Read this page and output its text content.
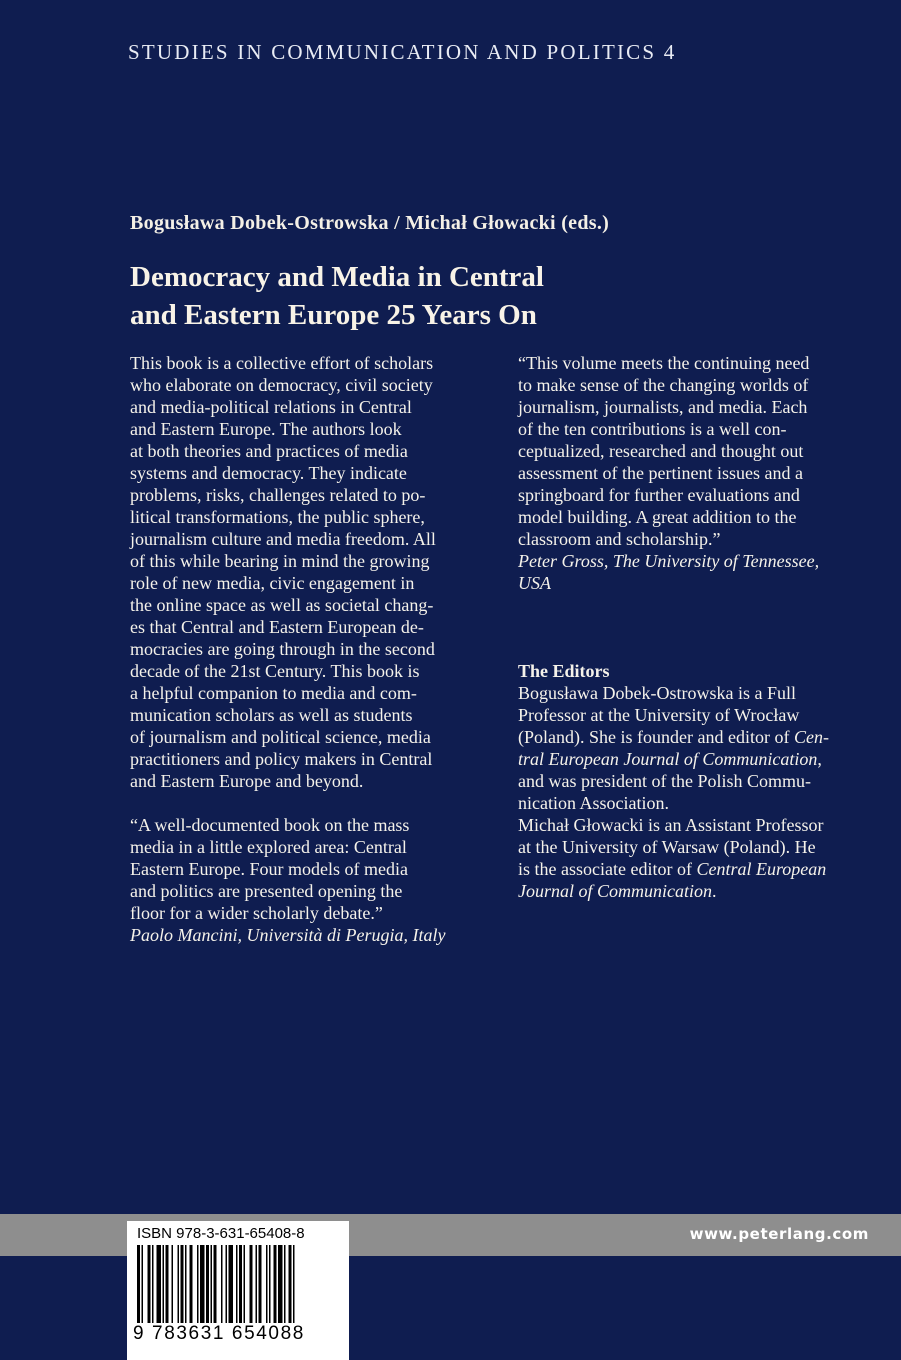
STUDIES IN COMMUNICATION AND POLITICS 4
Bogusława Dobek-Ostrowska / Michał Głowacki (eds.)
Democracy and Media in Central
and Eastern Europe 25 Years On
This book is a collective effort of scholars
who elaborate on democracy, civil society
and media-political relations in Central
and Eastern Europe. The authors look
at both theories and practices of media
systems and democracy. They indicate
problems, risks, challenges related to po-
litical transformations, the public sphere,
journalism culture and media freedom. All
of this while bearing in mind the growing
role of new media, civic engagement in
the online space as well as societal chang-
es that Central and Eastern European de-
mocracies are going through in the second
decade of the 21st Century. This book is
a helpful companion to media and com-
munication scholars as well as students
of journalism and political science, media
practitioners and policy makers in Central
and Eastern Europe and beyond.
“A well-documented book on the mass
media in a little explored area: Central
Eastern Europe. Four models of media
and politics are presented opening the
floor for a wider scholarly debate.”
Paolo Mancini, Università di Perugia, Italy
“This volume meets the continuing need
to make sense of the changing worlds of
journalism, journalists, and media. Each
of the ten contributions is a well con-
ceptualized, researched and thought out
assessment of the pertinent issues and a
springboard for further evaluations and
model building. A great addition to the
classroom and scholarship.”
Peter Gross, The University of Tennessee,
USA
The Editors
Bogusława Dobek-Ostrowska is a Full
Professor at the University of Wrocław
(Poland). She is founder and editor of Cen-
tral European Journal of Communication,
and was president of the Polish Commu-
nication Association.
Michał Głowacki is an Assistant Professor
at the University of Warsaw (Poland). He
is the associate editor of Central European
Journal of Communication.
www.peterlang.com
ISBN 978-3-631-65408-8
9 783631 654088
